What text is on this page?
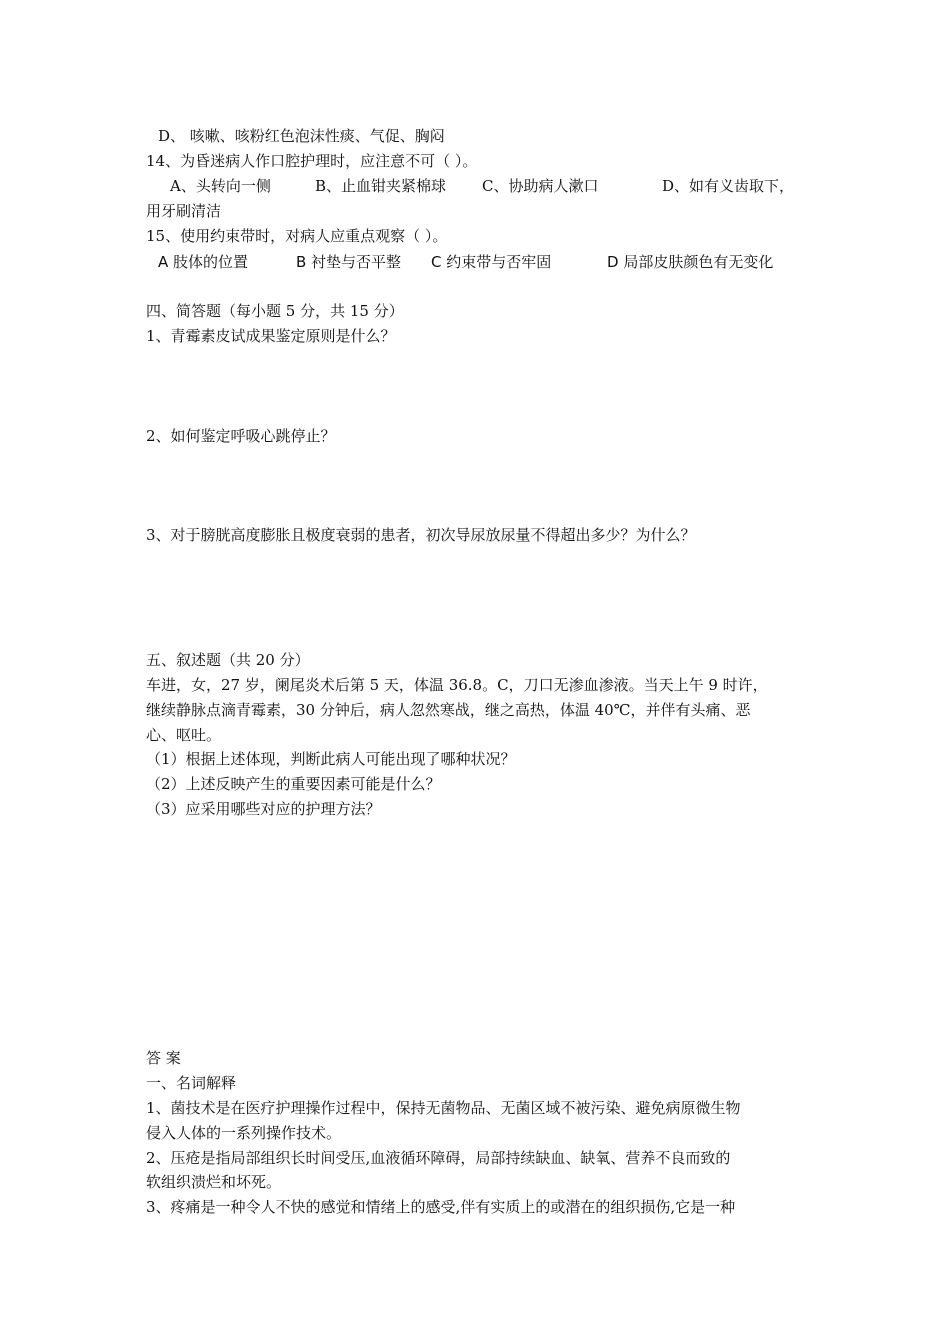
D、 咳嗽、咳粉红色泡沫性痰、气促、胸闷
14、为昏迷病人作口腔护理时，应注意不可（ ）。
A、头转向一侧	B、止血钳夹紧棉球 C、协助病人漱口	D、如有义齿取下，
用牙刷清洁
15、使用约束带时，对病人应重点观察（ ）。
A 肢体的位置	B 衬垫与否平整 C 约束带与否牢固	D 局部皮肤颜色有无变化
四、简答题（每小题 5 分，共 15 分）
1、青霉素皮试成果鉴定原则是什么？
2、如何鉴定呼吸心跳停止？
3、对于膀胱高度膨胀且极度衰弱的患者，初次导尿放尿量不得超出多少？为什么？
五、叙述题（共 20 分）
车进，女，27 岁，阑尾炎术后第 5 天，体温 36.8。C，刀口无渗血渗液。当天上午 9 时许，
继续静脉点滴青霉素，30 分钟后，病人忽然寒战，继之高热，体温 40℃，并伴有头痛、恶
心、呕吐。
（1）根据上述体现，判断此病人可能出现了哪种状况？
（2）上述反映产生的重要因素可能是什么？
（3）应采用哪些对应的护理方法？
答 案
一、名词解释
1、菌技术是在医疗护理操作过程中，保持无菌物品、无菌区域不被污染、避免病原微生物
侵入人体的一系列操作技术。
2、压疮是指局部组织长时间受压,血液循环障碍，局部持续缺血、缺氧、营养不良而致的
软组织溃烂和坏死。
3、疼痛是一种令人不快的感觉和情绪上的感受,伴有实质上的或潜在的组织损伤,它是一种
